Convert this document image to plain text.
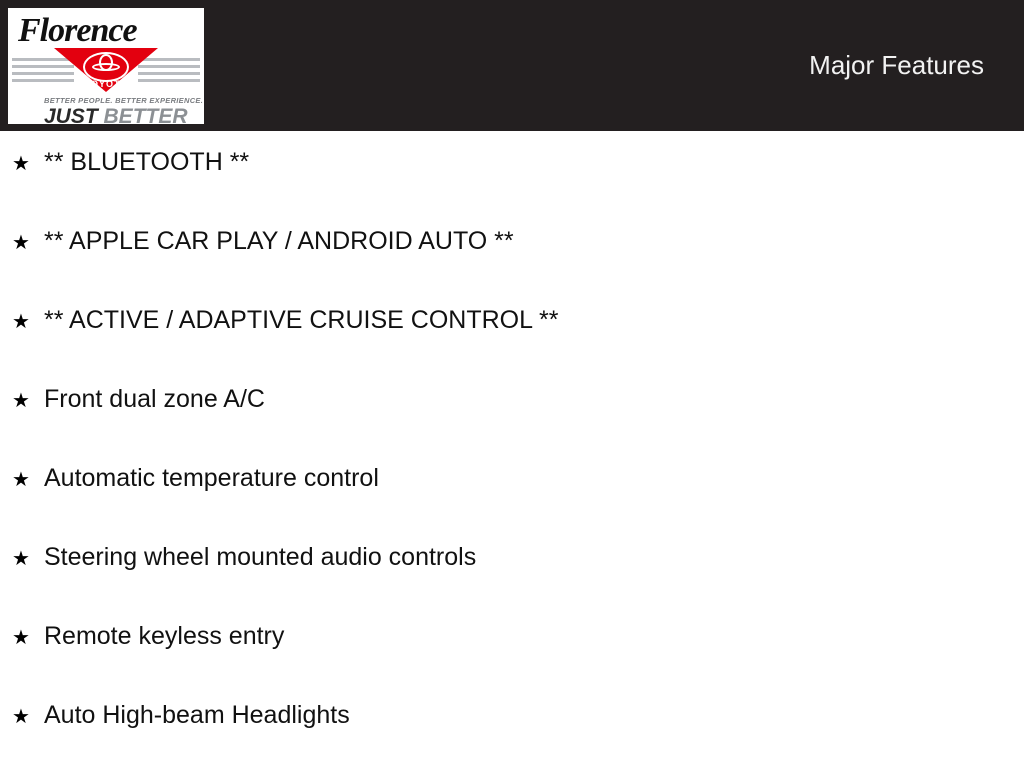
Florence
TOYOTA
BETTER PEOPLE. BETTER EXPERIENCE.
JUST BETTER
Major Features
★ ** BLUETOOTH **
★ ** APPLE CAR PLAY / ANDROID AUTO **
★ ** ACTIVE / ADAPTIVE CRUISE CONTROL **
★ Front dual zone A/C
★ Automatic temperature control
★ Steering wheel mounted audio controls
★ Remote keyless entry
★ Auto High-beam Headlights
